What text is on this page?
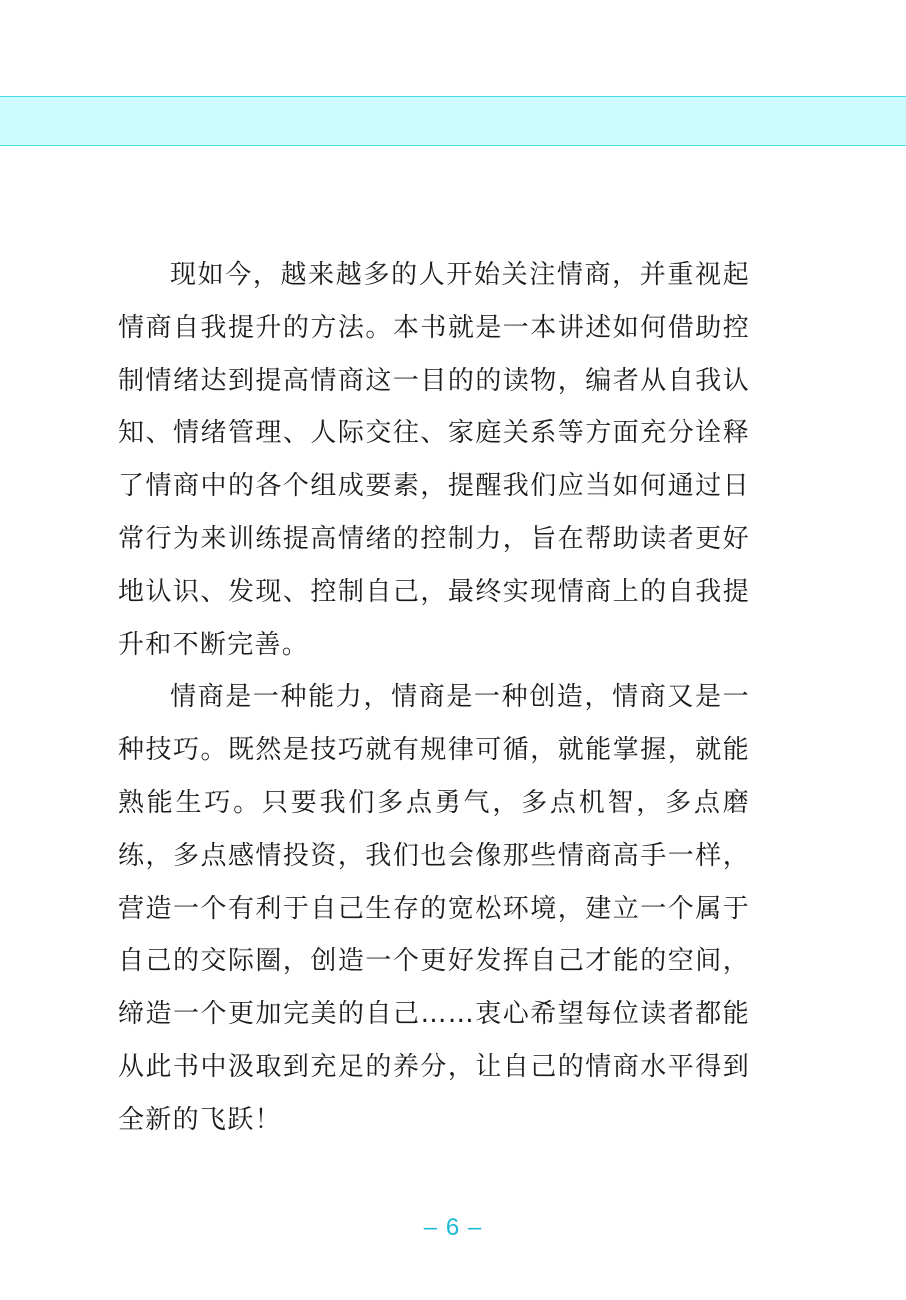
现如今，越来越多的人开始关注情商，并重视起情商自我提升的方法。本书就是一本讲述如何借助控制情绪达到提高情商这一目的的读物，编者从自我认知、情绪管理、人际交往、家庭关系等方面充分诠释了情商中的各个组成要素，提醒我们应当如何通过日常行为来训练提高情绪的控制力，旨在帮助读者更好地认识、发现、控制自己，最终实现情商上的自我提升和不断完善。

情商是一种能力，情商是一种创造，情商又是一种技巧。既然是技巧就有规律可循，就能掌握，就能熟能生巧。只要我们多点勇气，多点机智，多点磨练，多点感情投资，我们也会像那些情商高手一样，营造一个有利于自己生存的宽松环境，建立一个属于自己的交际圈，创造一个更好发挥自己才能的空间，缔造一个更加完美的自己……衷心希望每位读者都能从此书中汲取到充足的养分，让自己的情商水平得到全新的飞跃！

– 6 –
